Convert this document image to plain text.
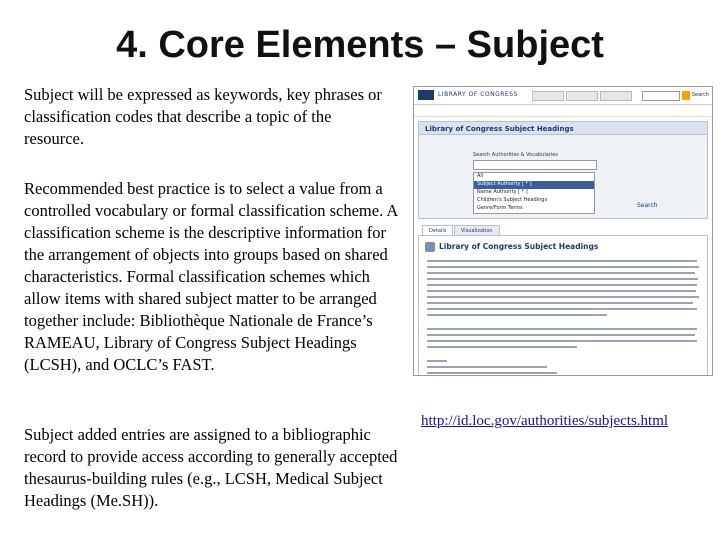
4. Core Elements – Subject

Subject will be expressed as keywords, key phrases or classification codes that describe a topic of the resource.

Recommended best practice is to select a value from a controlled vocabulary or formal classification scheme. A classification scheme is the descriptive information for the arrangement of objects into groups based on shared characteristics. Formal classification schemes which allow items with shared subject matter to be arranged together include: Bibliothèque Nationale de France’s RAMEAU, Library of Congress Subject Headings (LCSH), and OCLC’s FAST.

Subject added entries are assigned to a bibliographic record to provide access according to generally accepted thesaurus-building rules (e.g., LCSH, Medical Subject Headings (Me.SH)).

LIBRARY OF CONGRESS	Search
Library of Congress Subject Headings
Search Authorities & Vocabularies
All
Subject Authority [ * ]
Name Authority [ * ]
Children's Subject Headings
Genre/Form Terms	Search
Details	Visualization
Library of Congress Subject Headings
http://id.loc.gov/authorities/subjects.html
